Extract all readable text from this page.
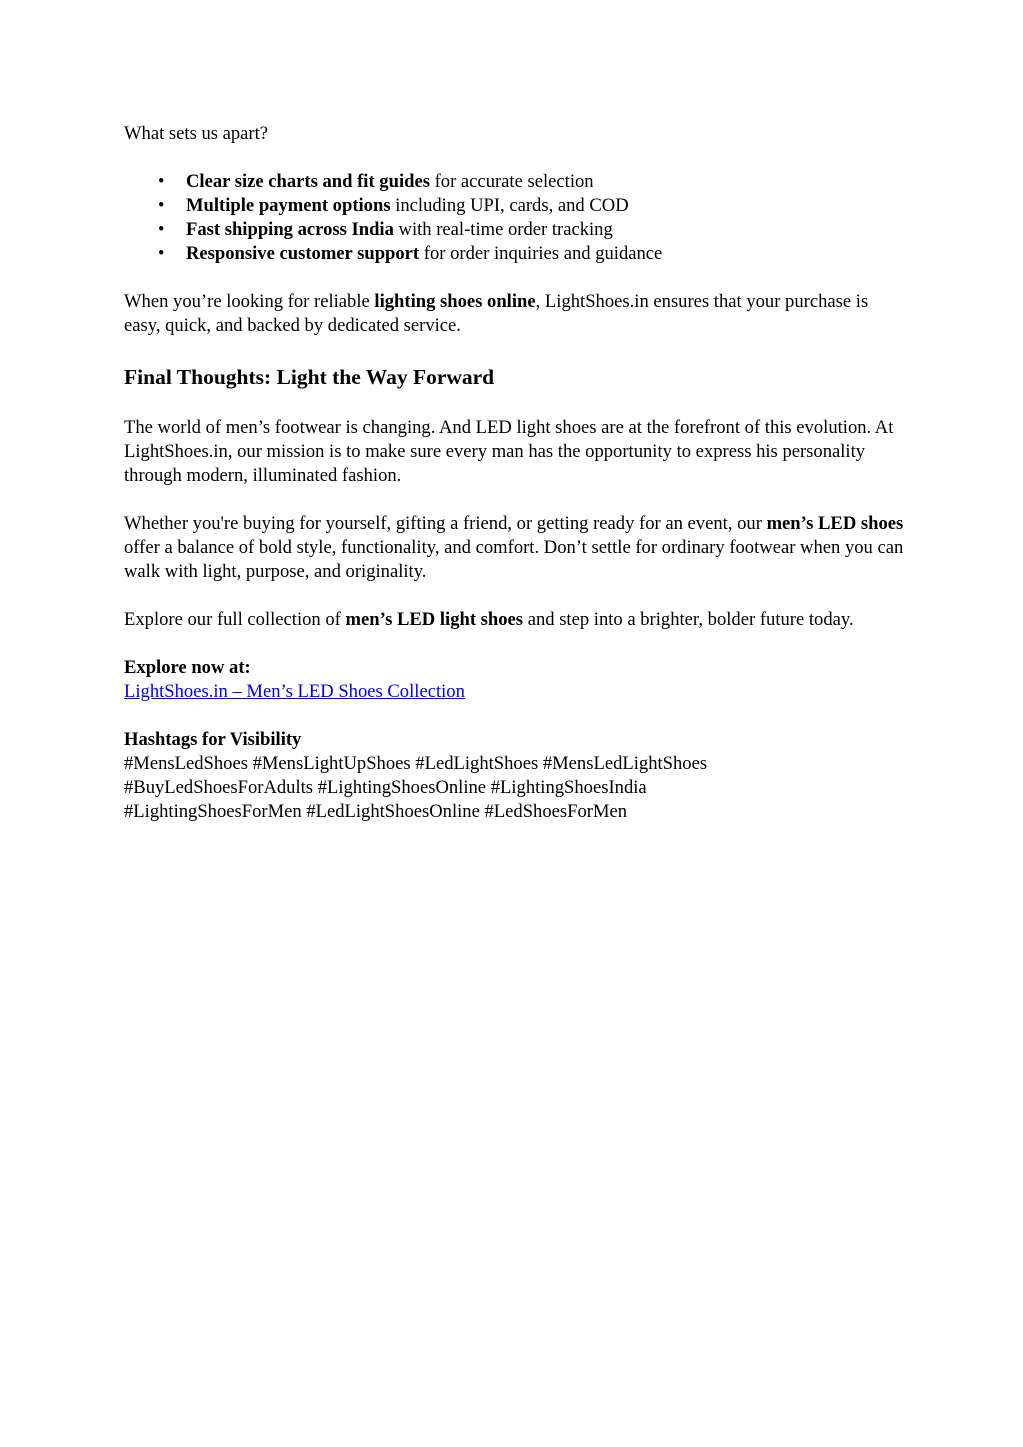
What sets us apart?

• Clear size charts and fit guides for accurate selection
• Multiple payment options including UPI, cards, and COD
• Fast shipping across India with real-time order tracking
• Responsive customer support for order inquiries and guidance

When you’re looking for reliable lighting shoes online, LightShoes.in ensures that your purchase is easy, quick, and backed by dedicated service.

Final Thoughts: Light the Way Forward

The world of men’s footwear is changing. And LED light shoes are at the forefront of this evolution. At LightShoes.in, our mission is to make sure every man has the opportunity to express his personality through modern, illuminated fashion.

Whether you're buying for yourself, gifting a friend, or getting ready for an event, our men’s LED shoes offer a balance of bold style, functionality, and comfort. Don’t settle for ordinary footwear when you can walk with light, purpose, and originality.

Explore our full collection of men’s LED light shoes and step into a brighter, bolder future today.

Explore now at:

LightShoes.in – Men’s LED Shoes Collection

Hashtags for Visibility

#MensLedShoes #MensLightUpShoes #LedLightShoes #MensLedLightShoes #BuyLedShoesForAdults #LightingShoesOnline #LightingShoesIndia #LightingShoesForMen #LedLightShoesOnline #LedShoesForMen
